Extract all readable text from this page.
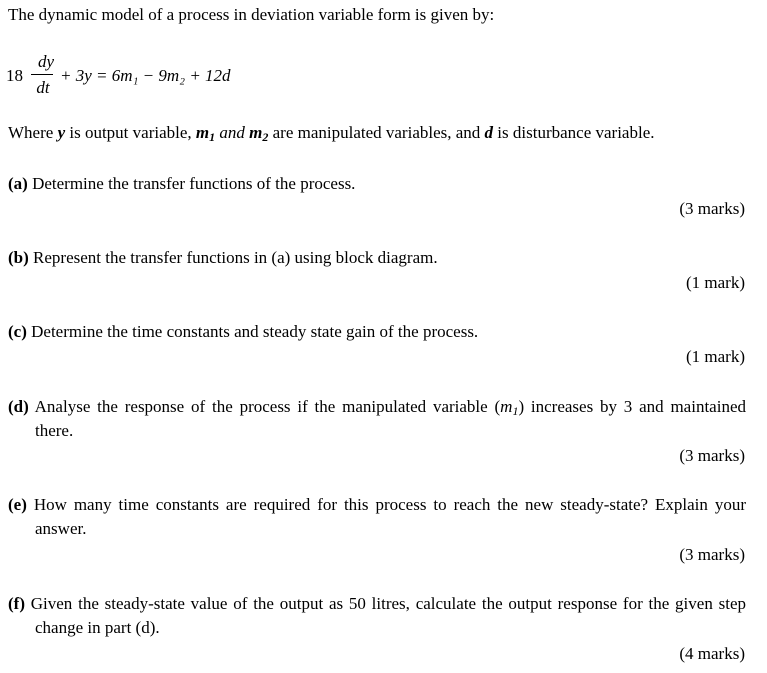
The dynamic model of a process in deviation variable form is given by:
18
dy
dt
+ 3y = 6m₁ − 9m₂ + 12d
Where y is output variable, $m_1$ and $m_2$ are manipulated variables, and d is disturbance variable.
(a) Determine the transfer functions of the process.
(3 marks)
(b) Represent the transfer functions in (a) using block diagram.
(1 mark)
(c) Determine the time constants and steady state gain of the process.
(1 mark)
(d) Analyse the response of the process if the manipulated variable $(m_1)$ increases by 3 and maintained there.
(3 marks)
(e) How many time constants are required for this process to reach the new steady-state? Explain your answer.
(3 marks)
(f) Given the steady-state value of the output as 50 litres, calculate the output response for the given step change in part (d).
(4 marks)
